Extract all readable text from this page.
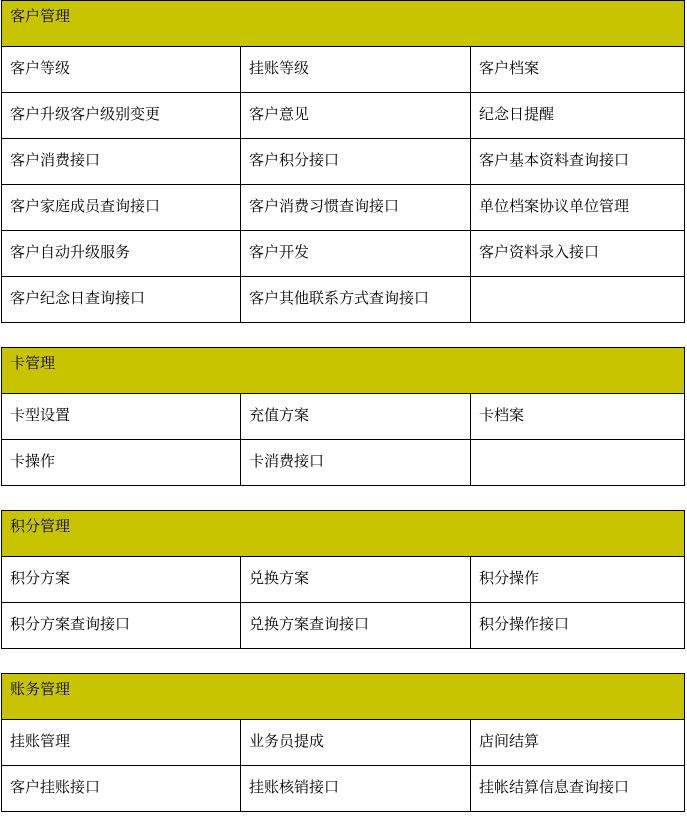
客户管理		
客户等级	挂账等级	客户档案
客户升级客户级别变更	客户意见	纪念日提醒
客户消费接口	客户积分接口	客户基本资料查询接口
客户家庭成员查询接口	客户消费习惯查询接口	单位档案协议单位管理
客户自动升级服务	客户开发	客户资料录入接口
客户纪念日查询接口	客户其他联系方式查询接口	
卡管理		
卡型设置	充值方案	卡档案
卡操作	卡消费接口	
积分管理		
积分方案	兑换方案	积分操作
积分方案查询接口	兑换方案查询接口	积分操作接口
账务管理		
挂账管理	业务员提成	店间结算
客户挂账接口	挂账核销接口	挂帐结算信息查询接口
